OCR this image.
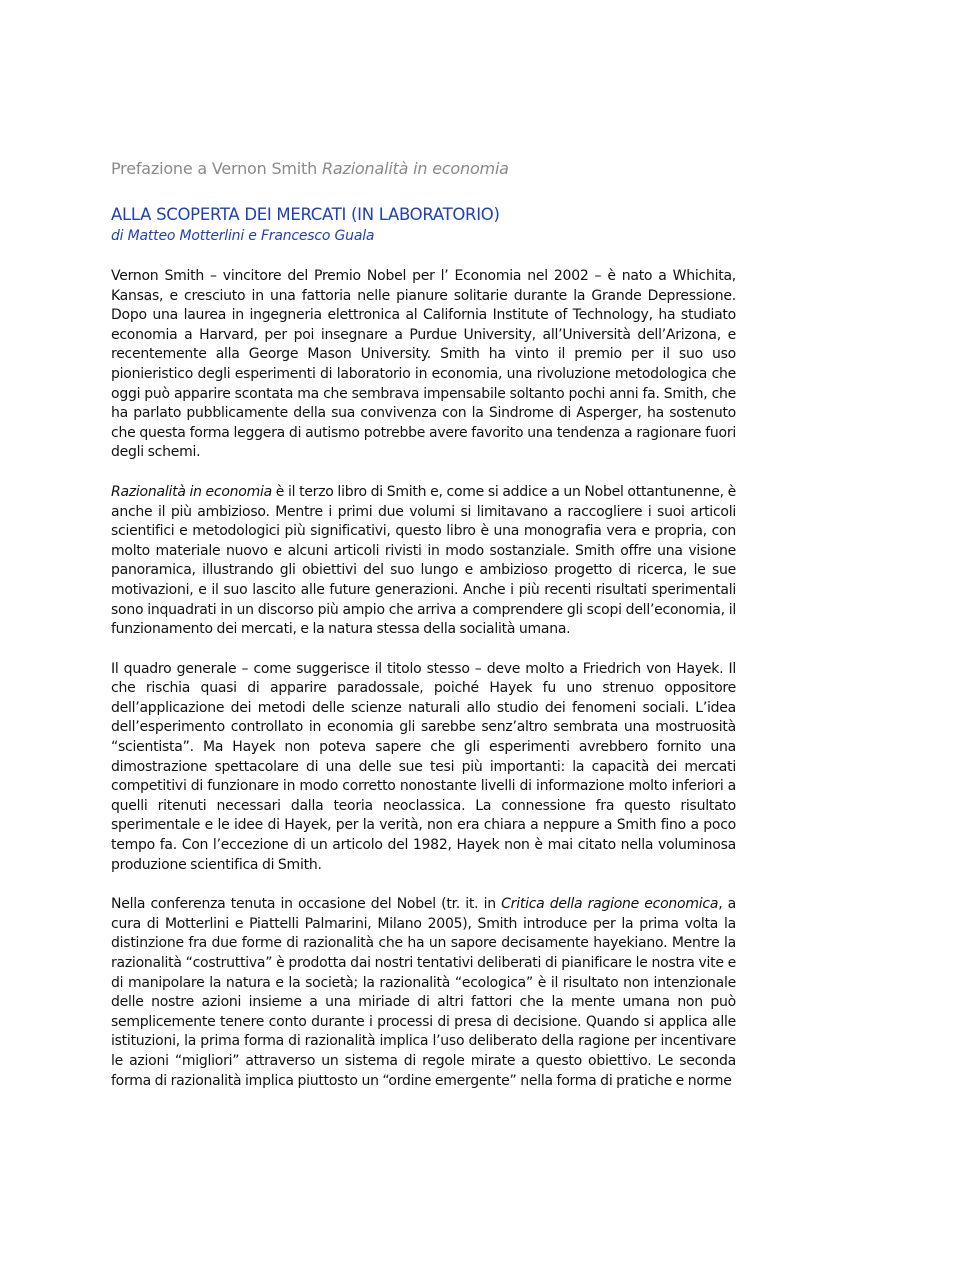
Prefazione a Vernon Smith Razionalità in economia

ALLA SCOPERTA DEI MERCATI (IN LABORATORIO)

di Matteo Motterlini e Francesco Guala

Vernon Smith – vincitore del Premio Nobel per l’ Economia nel 2002 – è nato a Whichita, Kansas, e cresciuto in una fattoria nelle pianure solitarie durante la Grande Depressione. Dopo una laurea in ingegneria elettronica al California Institute of Technology, ha studiato economia a Harvard, per poi insegnare a Purdue University, all’Università dell’Arizona, e recentemente alla George Mason University. Smith ha vinto il premio per il suo uso pionieristico degli esperimenti di laboratorio in economia, una rivoluzione metodologica che oggi può apparire scontata ma che sembrava impensabile soltanto pochi anni fa. Smith, che ha parlato pubblicamente della sua convivenza con la Sindrome di Asperger, ha sostenuto che questa forma leggera di autismo potrebbe avere favorito una tendenza a ragionare fuori degli schemi.

Razionalità in economia è il terzo libro di Smith e, come si addice a un Nobel ottantunenne, è anche il più ambizioso. Mentre i primi due volumi si limitavano a raccogliere i suoi articoli scientifici e metodologici più significativi, questo libro è una monografia vera e propria, con molto materiale nuovo e alcuni articoli rivisti in modo sostanziale. Smith offre una visione panoramica, illustrando gli obiettivi del suo lungo e ambizioso progetto di ricerca, le sue motivazioni, e il suo lascito alle future generazioni. Anche i più recenti risultati sperimentali sono inquadrati in un discorso più ampio che arriva a comprendere gli scopi dell’economia, il funzionamento dei mercati, e la natura stessa della socialità umana.

Il quadro generale – come suggerisce il titolo stesso – deve molto a Friedrich von Hayek. Il che rischia quasi di apparire paradossale, poiché Hayek fu uno strenuo oppositore dell’applicazione dei metodi delle scienze naturali allo studio dei fenomeni sociali. L’idea dell’esperimento controllato in economia gli sarebbe senz’altro sembrata una mostruosità “scientista”. Ma Hayek non poteva sapere che gli esperimenti avrebbero fornito una dimostrazione spettacolare di una delle sue tesi più importanti: la capacità dei mercati competitivi di funzionare in modo corretto nonostante livelli di informazione molto inferiori a quelli ritenuti necessari dalla teoria neoclassica. La connessione fra questo risultato sperimentale e le idee di Hayek, per la verità, non era chiara a neppure a Smith fino a poco tempo fa. Con l’eccezione di un articolo del 1982, Hayek non è mai citato nella voluminosa produzione scientifica di Smith.

Nella conferenza tenuta in occasione del Nobel (tr. it. in Critica della ragione economica, a cura di Motterlini e Piattelli Palmarini, Milano 2005), Smith introduce per la prima volta la distinzione fra due forme di razionalità che ha un sapore decisamente hayekiano. Mentre la razionalità “costruttiva” è prodotta dai nostri tentativi deliberati di pianificare le nostra vite e di manipolare la natura e la società; la razionalità “ecologica” è il risultato non intenzionale delle nostre azioni insieme a una miriade di altri fattori che la mente umana non può semplicemente tenere conto durante i processi di presa di decisione. Quando si applica alle istituzioni, la prima forma di razionalità implica l’uso deliberato della ragione per incentivare le azioni “migliori” attraverso un sistema di regole mirate a questo obiettivo. Le seconda forma di razionalità implica piuttosto un “ordine emergente” nella forma di pratiche e norme
